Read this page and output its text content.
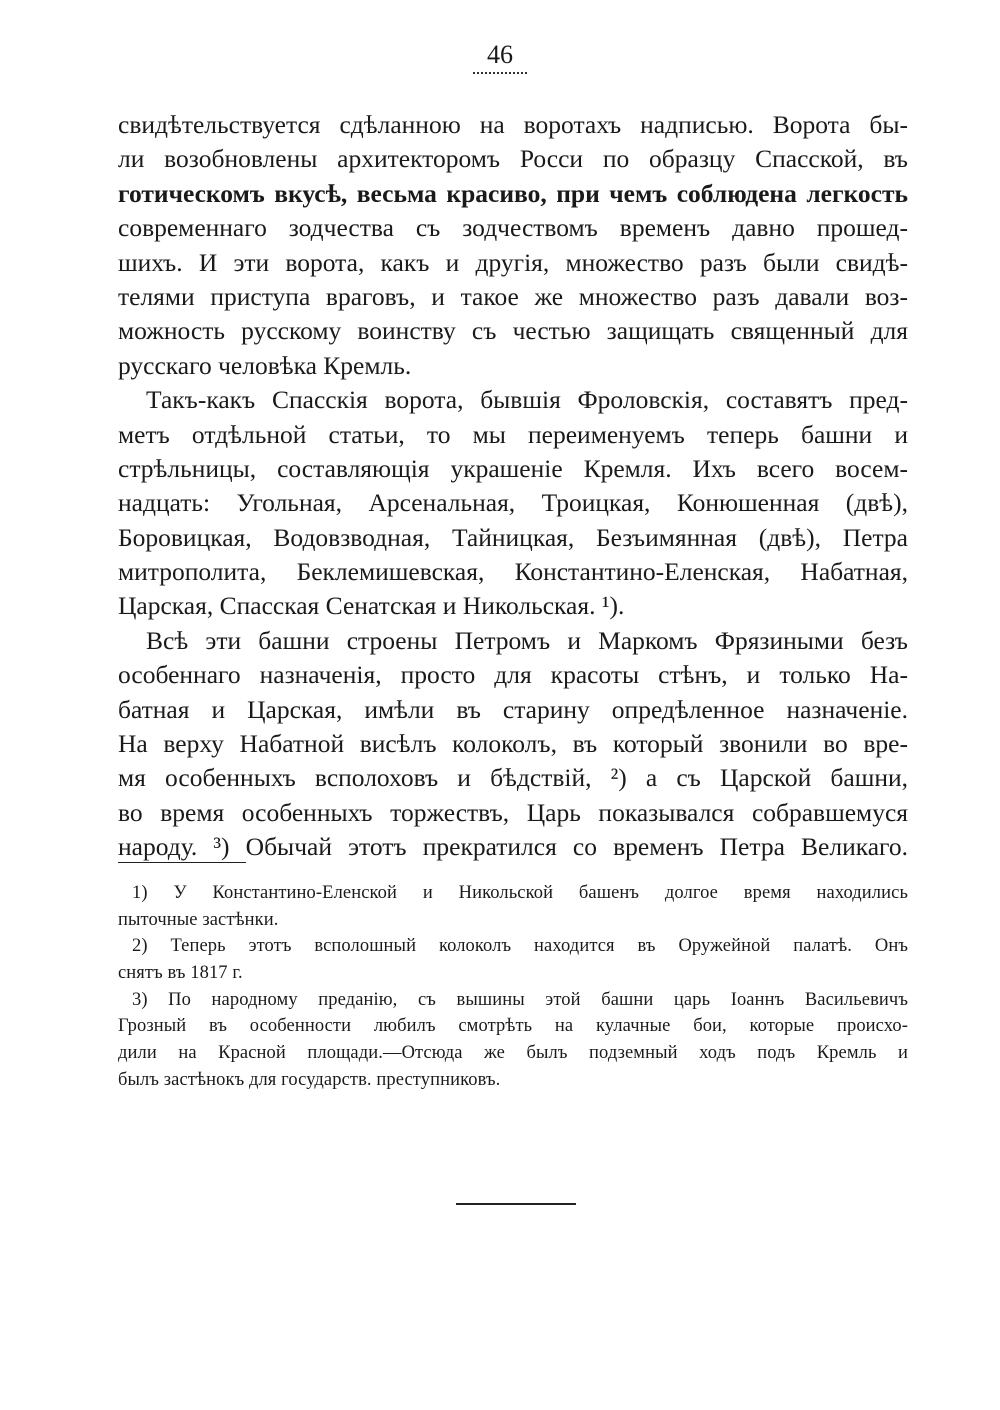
46
свидѣтельствуется сдѣланною на воротахъ надписью. Ворота бы-
ли возобновлены архитекторомъ Росси по образцу Спасской, въ
готическомъ вкусѣ, весьма красиво, при чемъ соблюдена легкость
современнаго зодчества съ зодчествомъ временъ давно прошед-
шихъ. И эти ворота, какъ и другія, множество разъ были свидѣ-
телями приступа враговъ, и такое же множество разъ давали воз-
можность русскому воинству съ честью защищать священный для
русскаго человѣка Кремль.
Такъ-какъ Спасскія ворота, бывшія Фроловскія, составятъ пред-
метъ отдѣльной статьи, то мы переименуемъ теперь башни и
стрѣльницы, составляющія украшеніе Кремля. Ихъ всего восем-
надцать: Угольная, Арсенальная, Троицкая, Конюшенная (двѣ),
Боровицкая, Водовзводная, Тайницкая, Безъимянная (двѣ), Петра
митрополита, Беклемишевская, Константино-Еленская, Набатная,
Царская, Спасская Сенатская и Никольская. ¹).
Всѣ эти башни строены Петромъ и Маркомъ Фрязиными безъ
особеннаго назначенія, просто для красоты стѣнъ, и только На-
батная и Царская, имѣли въ старину опредѣленное назначеніе.
На верху Набатной висѣлъ колоколъ, въ который звонили во вре-
мя особенныхъ всполоховъ и бѣдствій, ²) а съ Царской башни,
во время особенныхъ торжествъ, Царь показывался собравшемуся
народу. ³) Обычай этотъ прекратился со временъ Петра Великаго.
1) У Константино-Еленской и Никольской башенъ долгое время находились
пыточные застѣнки.
2) Теперь этотъ всполошный колоколъ находится въ Оружейной палатѣ. Онъ
снятъ въ 1817 г.
3) По народному преданію, съ вышины этой башни царь Іоаннъ Васильевичъ
Грозный въ особенности любилъ смотрѣть на кулачные бои, которые происхо-
дили на Красной площади.—Отсюда же былъ подземный ходъ подъ Кремль и
былъ застѣнокъ для государств. преступниковъ.
